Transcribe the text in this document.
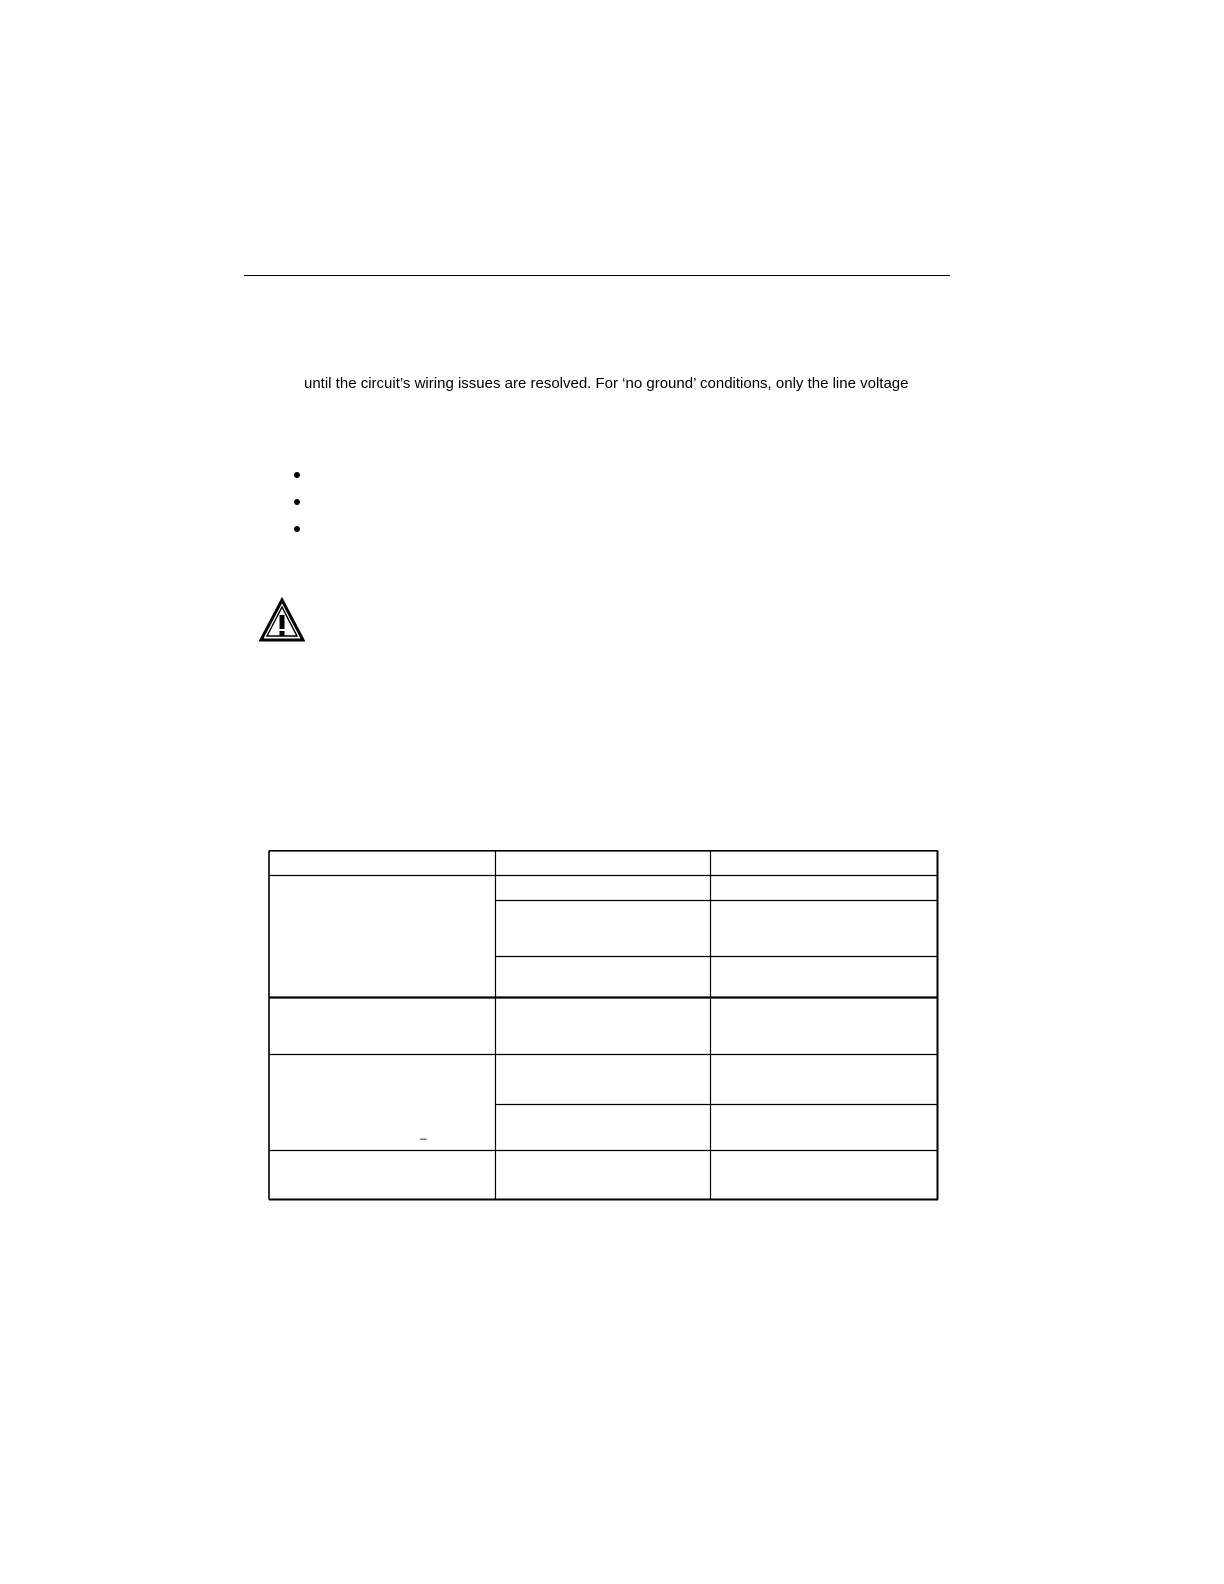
until the circuit’s wiring issues are resolved. For ‘no ground’ conditions, only the line voltage
–
